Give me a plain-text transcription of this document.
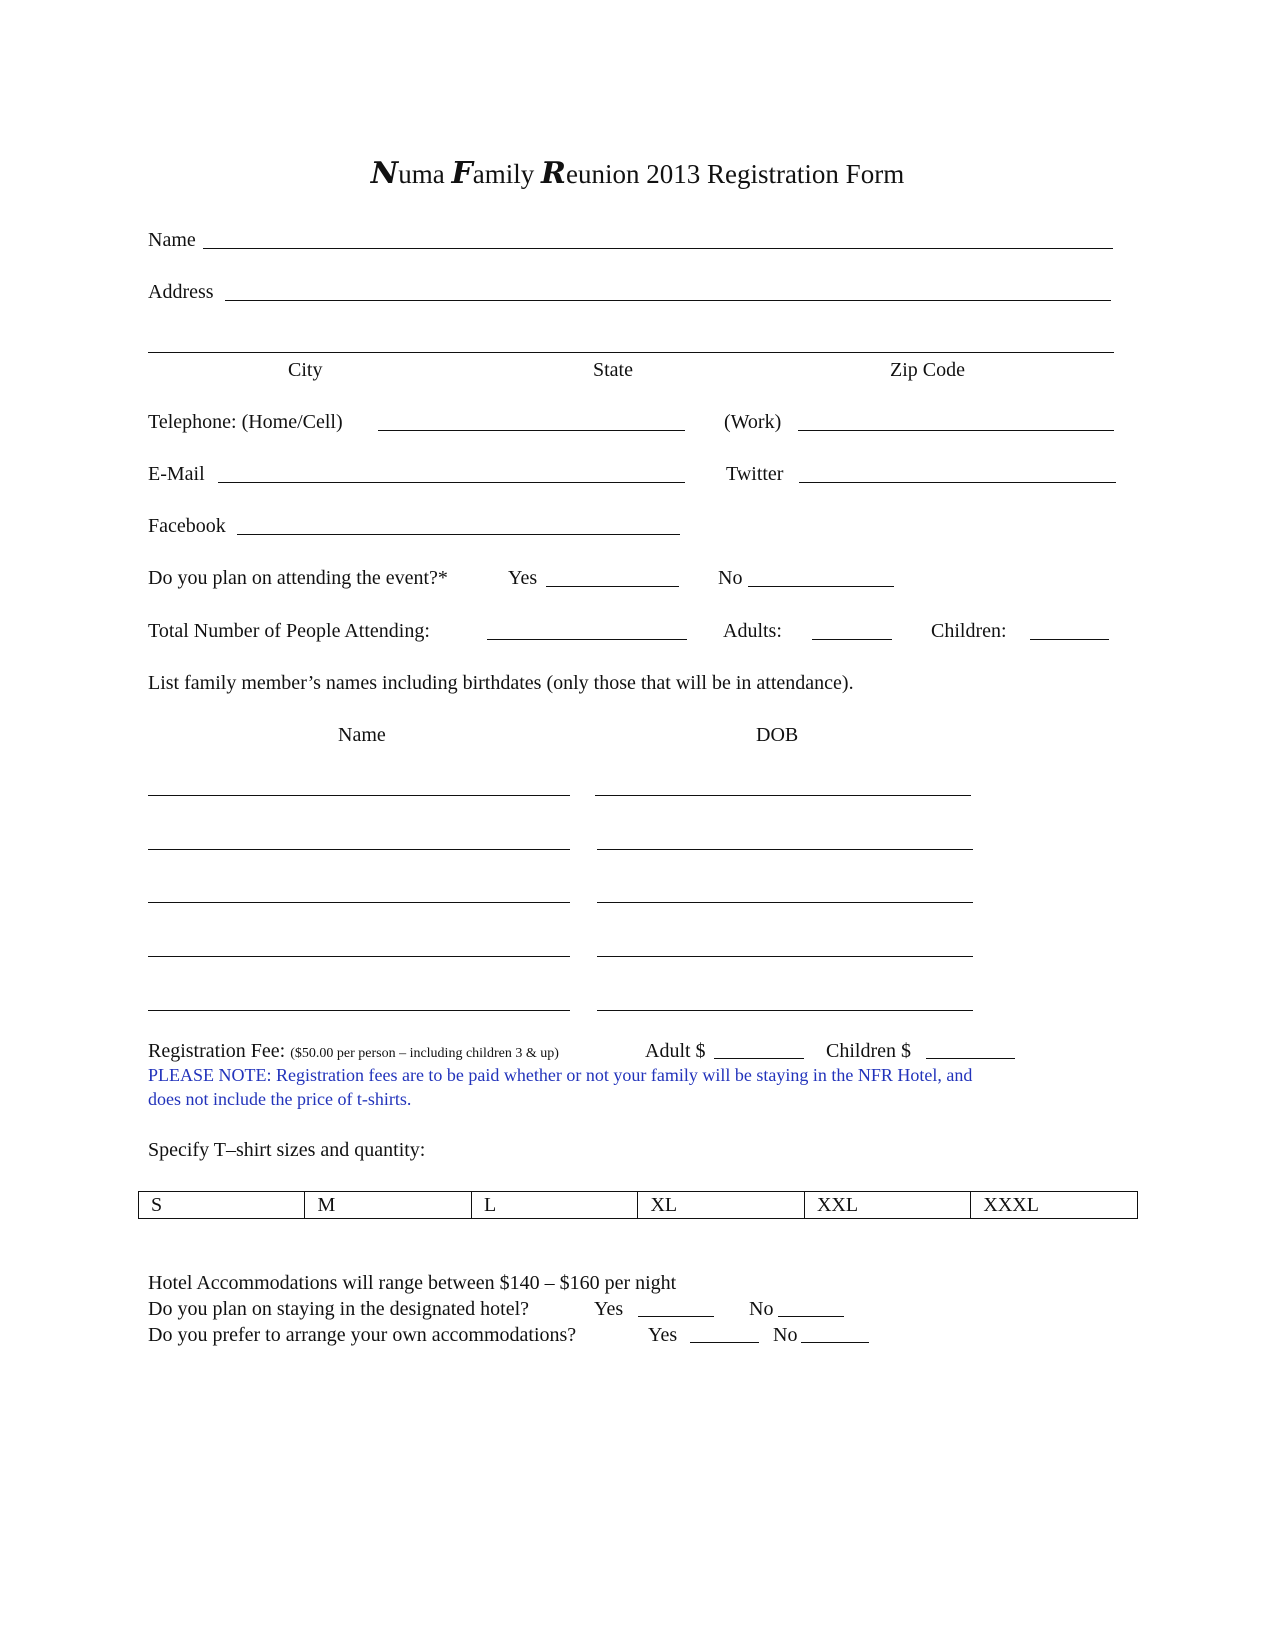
Numa Family Reunion 2013 Registration Form
Name
Address
City	State	Zip Code
Telephone: (Home/Cell)	(Work)
E-Mail	Twitter
Facebook
Do you plan on attending the event?*	Yes	No
Total Number of People Attending:	Adults:	Children:
List family member’s names including birthdates (only those that will be in attendance).
Name	DOB
Registration Fee: ($50.00 per person – including children 3 & up)	Adult $	Children $
PLEASE NOTE: Registration fees are to be paid whether or not your family will be staying in the NFR Hotel, and
does not include the price of t-shirts.
Specify T–shirt sizes and quantity:
S	M	L	XL	XXL	XXXL
Hotel Accommodations will range between $140 – $160 per night
Do you plan on staying in the designated hotel?	Yes	No
Do you prefer to arrange your own accommodations?	Yes	No
